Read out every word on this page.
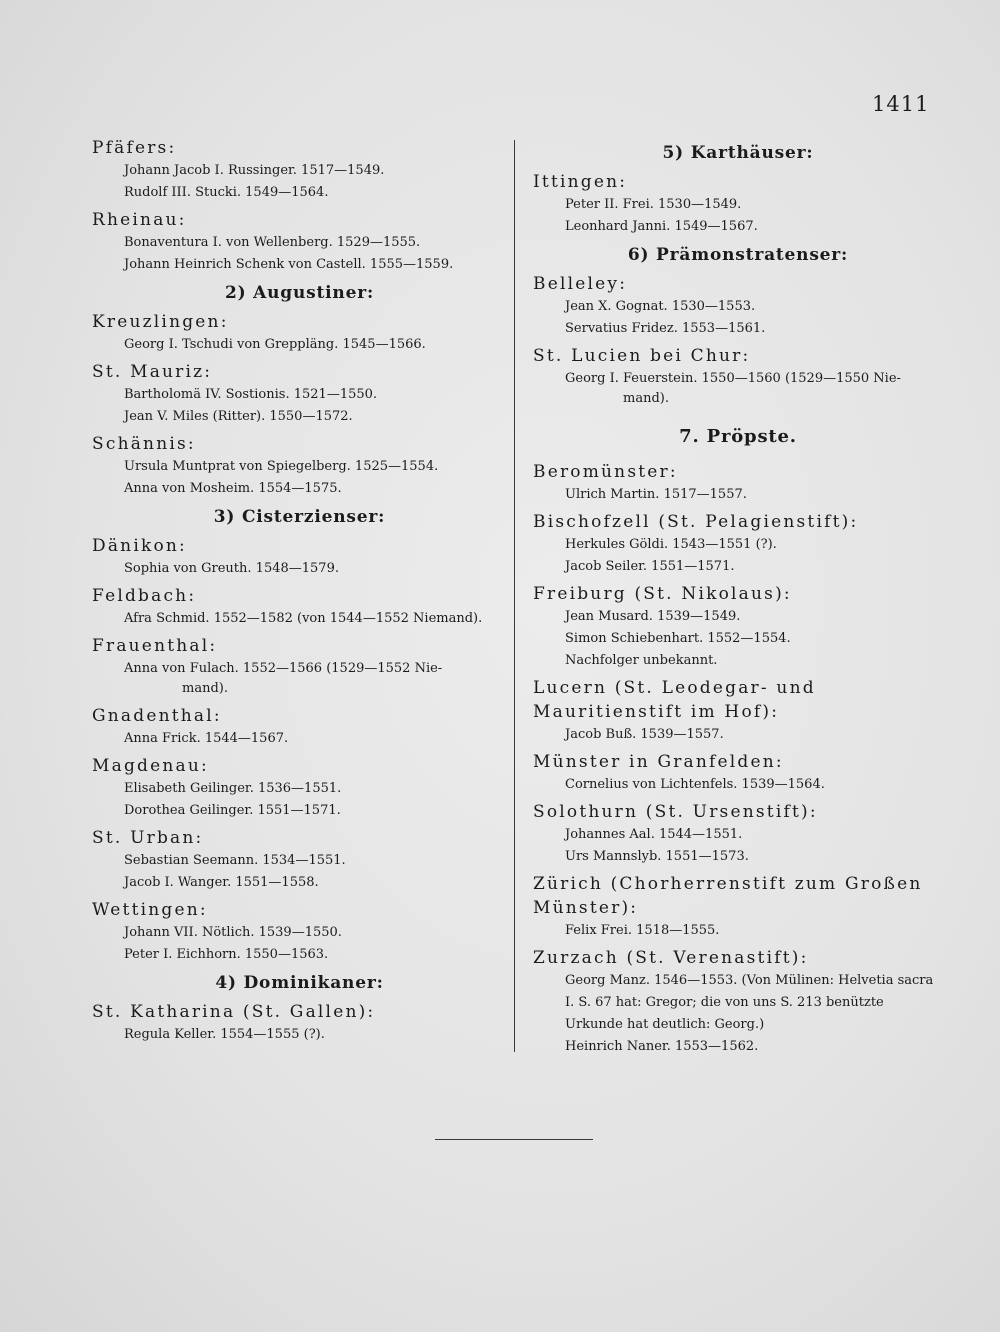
1411
Pfäfers:
Johann Jacob I. Russinger. 1517—1549.
Rudolf III. Stucki. 1549—1564.
Rheinau:
Bonaventura I. von Wellenberg. 1529—1555.
Johann Heinrich Schenk von Castell. 1555—1559.
2) Augustiner:
Kreuzlingen:
Georg I. Tschudi von Greppläng. 1545—1566.
St. Mauriz:
Bartholomä IV. Sostionis. 1521—1550.
Jean V. Miles (Ritter). 1550—1572.
Schännis:
Ursula Muntprat von Spiegelberg. 1525—1554.
Anna von Mosheim. 1554—1575.
3) Cisterzienser:
Dänikon:
Sophia von Greuth. 1548—1579.
Feldbach:
Afra Schmid. 1552—1582 (von 1544—1552 Niemand).
Frauenthal:
Anna von Fulach. 1552—1566 (1529—1552 Nie-
mand).
Gnadenthal:
Anna Frick. 1544—1567.
Magdenau:
Elisabeth Geilinger. 1536—1551.
Dorothea Geilinger. 1551—1571.
St. Urban:
Sebastian Seemann. 1534—1551.
Jacob I. Wanger. 1551—1558.
Wettingen:
Johann VII. Nötlich. 1539—1550.
Peter I. Eichhorn. 1550—1563.
4) Dominikaner:
St. Katharina (St. Gallen):
Regula Keller. 1554—1555 (?).
5) Karthäuser:
Ittingen:
Peter II. Frei. 1530—1549.
Leonhard Janni. 1549—1567.
6) Prämonstratenser:
Belleley:
Jean X. Gognat. 1530—1553.
Servatius Fridez. 1553—1561.
St. Lucien bei Chur:
Georg I. Feuerstein. 1550—1560 (1529—1550 Nie-
mand).
7. Pröpste.
Beromünster:
Ulrich Martin. 1517—1557.
Bischofzell (St. Pelagienstift):
Herkules Göldi. 1543—1551 (?).
Jacob Seiler. 1551—1571.
Freiburg (St. Nikolaus):
Jean Musard. 1539—1549.
Simon Schiebenhart. 1552—1554.
Nachfolger unbekannt.
Lucern (St. Leodegar- und Mauritienstift im Hof):
Jacob Buß. 1539—1557.
Münster in Granfelden:
Cornelius von Lichtenfels. 1539—1564.
Solothurn (St. Ursenstift):
Johannes Aal. 1544—1551.
Urs Mannslyb. 1551—1573.
Zürich (Chorherrenstift zum Großen Münster):
Felix Frei. 1518—1555.
Zurzach (St. Verenastift):
Georg Manz. 1546—1553. (Von Mülinen: Helvetia sacra I. S. 67 hat: Gregor; die von uns S. 213 benützte Urkunde hat deutlich: Georg.)
Heinrich Naner. 1553—1562.
